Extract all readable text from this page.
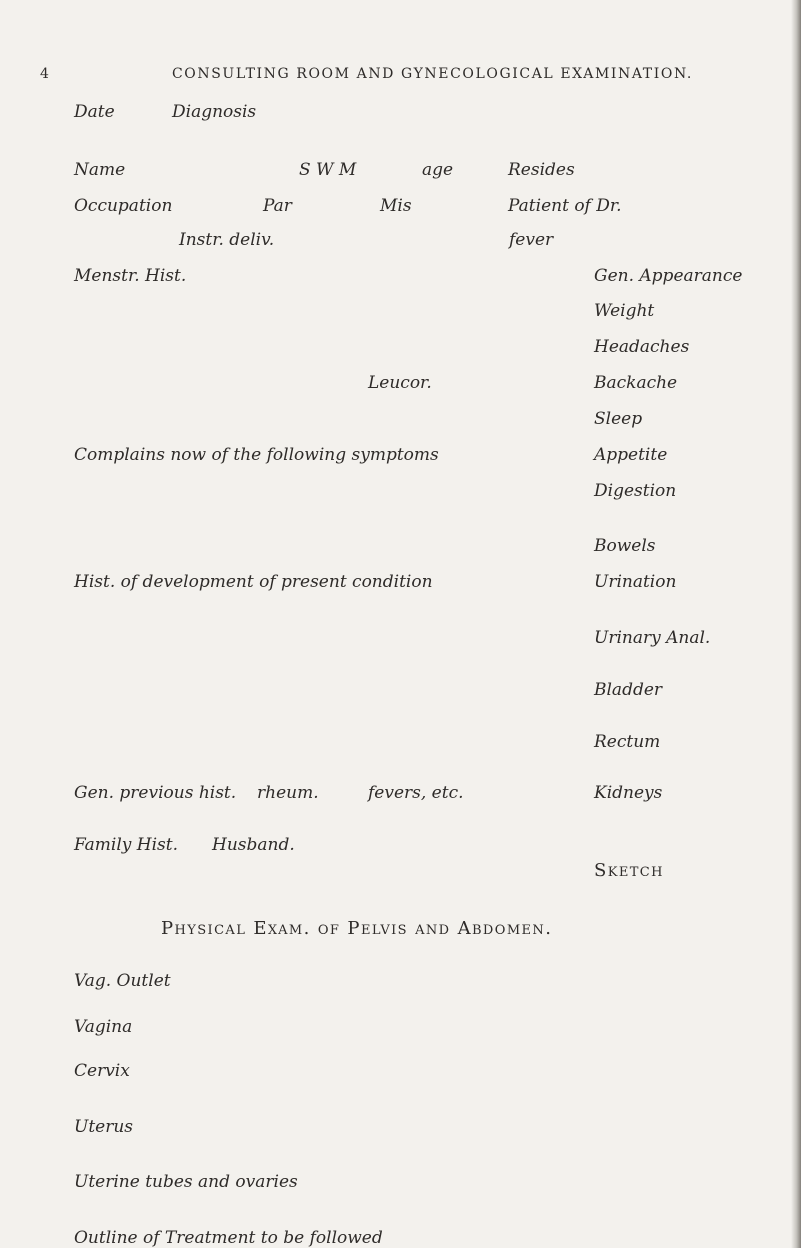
4	CONSULTING ROOM AND GYNECOLOGICAL EXAMINATION.
Date	Diagnosis
Name	S W M	age	Resides
Occupation	Par	Mis	Patient of Dr.
Instr. deliv.	fever
Menstr. Hist.	Gen. Appearance
Weight
Headaches
Leucor.	Backache
Sleep
Complains now of the following symptoms	Appetite
Digestion
Bowels
Hist. of development of present condition	Urination
Urinary Anal.
Bladder
Rectum
Gen. previous hist. rheum.	fevers, etc.	Kidneys
Family Hist. Husband.
Sketch
Physical Exam. of Pelvis and Abdomen.
Vag. Outlet
Vagina
Cervix
Uterus
Uterine tubes and ovaries
Outline of Treatment to be followed
